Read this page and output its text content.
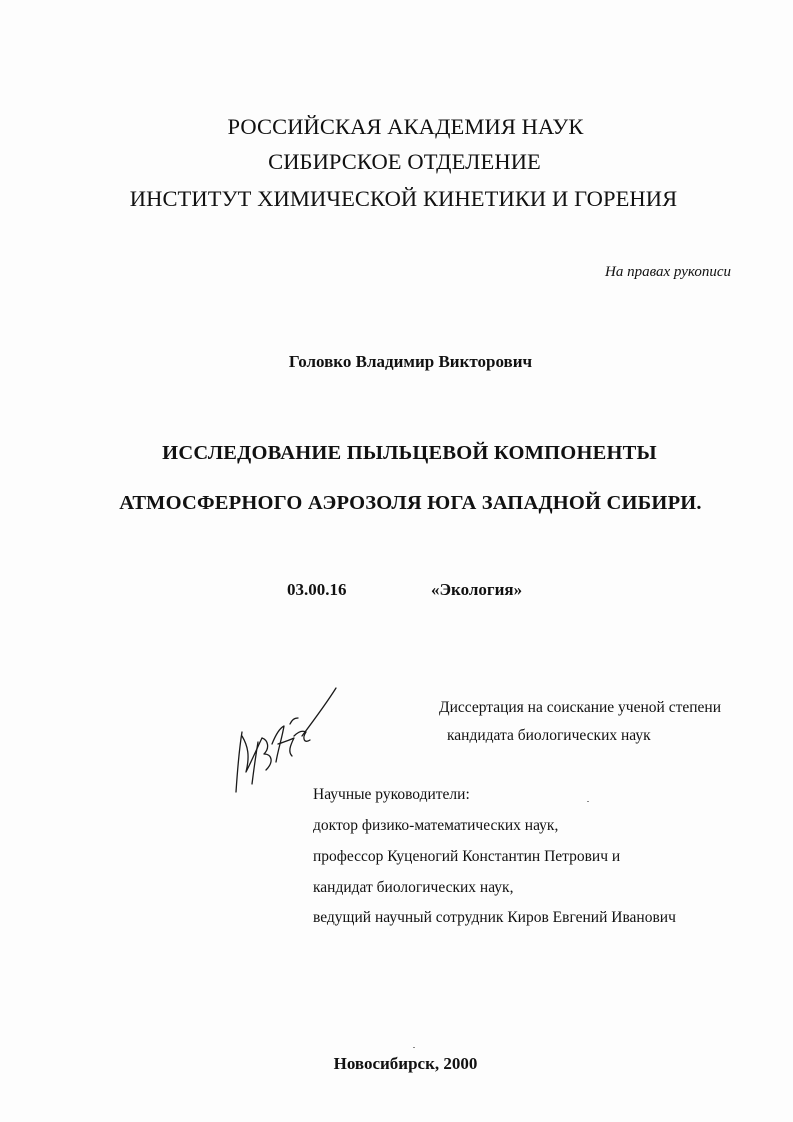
РОССИЙСКАЯ АКАДЕМИЯ НАУК
СИБИРСКОЕ ОТДЕЛЕНИЕ
ИНСТИТУТ ХИМИЧЕСКОЙ КИНЕТИКИ И ГОРЕНИЯ
На правах рукописи
Головко Владимир Викторович
ИССЛЕДОВАНИЕ ПЫЛЬЦЕВОЙ КОМПОНЕНТЫ
АТМОСФЕРНОГО АЭРОЗОЛЯ ЮГА ЗАПАДНОЙ СИБИРИ.
03.00.16	«Экология»
Диссертация на соискание ученой степени
кандидата биологических наук
Научные руководители:
доктор физико-математических наук,
профессор Куценогий Константин Петрович и
кандидат биологических наук,
ведущий научный сотрудник Киров Евгений Иванович
Новосибирск, 2000
